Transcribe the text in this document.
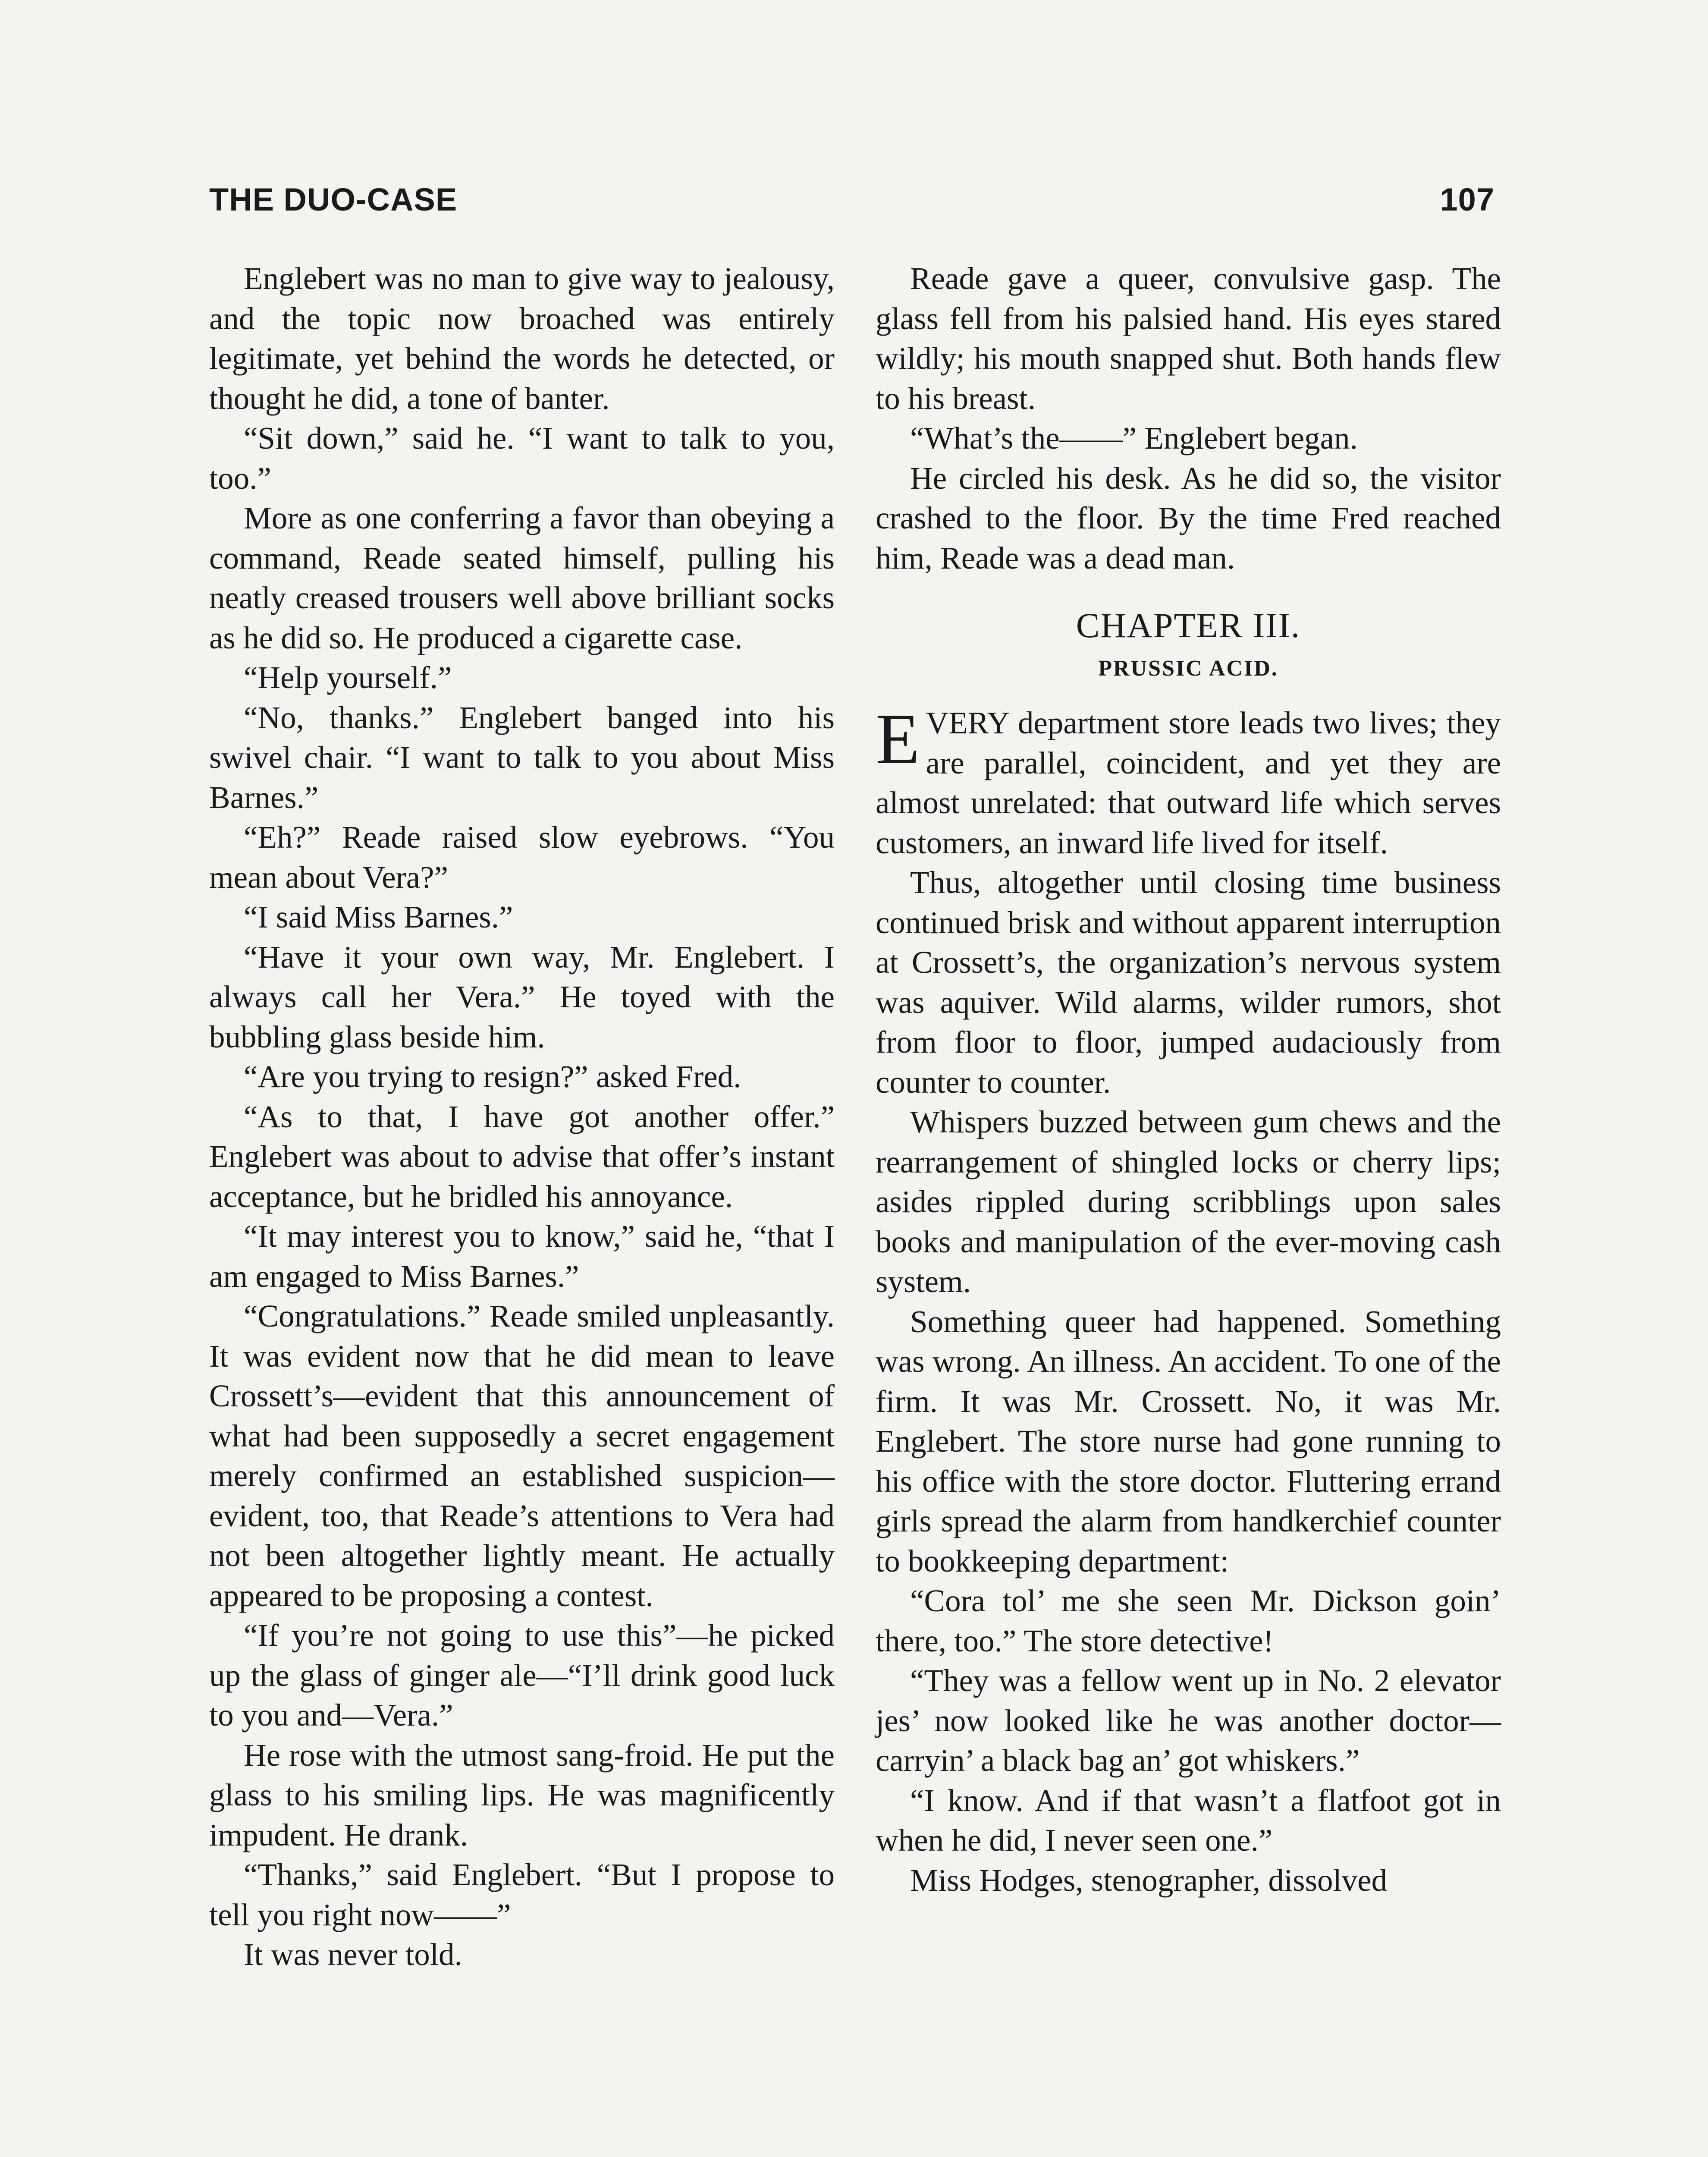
THE DUO-CASE	107

Englebert was no man to give way to jealousy, and the topic now broached was entirely legitimate, yet behind the words he detected, or thought he did, a tone of banter.

“Sit down,” said he. “I want to talk to you, too.”

More as one conferring a favor than obeying a command, Reade seated himself, pulling his neatly creased trousers well above brilliant socks as he did so. He produced a cigarette case.

“Help yourself.”

“No, thanks.” Englebert banged into his swivel chair. “I want to talk to you about Miss Barnes.”

“Eh?” Reade raised slow eyebrows. “You mean about Vera?”

“I said Miss Barnes.”

“Have it your own way, Mr. Englebert. I always call her Vera.” He toyed with the bubbling glass beside him.

“Are you trying to resign?” asked Fred.

“As to that, I have got another offer.” Englebert was about to advise that offer’s instant acceptance, but he bridled his annoyance.

“It may interest you to know,” said he, “that I am engaged to Miss Barnes.”

“Congratulations.” Reade smiled unpleasantly. It was evident now that he did mean to leave Crossett’s—evident that this announcement of what had been supposedly a secret engagement merely confirmed an established suspicion—evident, too, that Reade’s attentions to Vera had not been altogether lightly meant. He actually appeared to be proposing a contest.

“If you’re not going to use this”—he picked up the glass of ginger ale—“I’ll drink good luck to you and—Vera.”

He rose with the utmost sang-froid. He put the glass to his smiling lips. He was magnificently impudent. He drank.

“Thanks,” said Englebert. “But I propose to tell you right now——”

It was never told.

Reade gave a queer, convulsive gasp. The glass fell from his palsied hand. His eyes stared wildly; his mouth snapped shut. Both hands flew to his breast.

“What’s the——” Englebert began.

He circled his desk. As he did so, the visitor crashed to the floor. By the time Fred reached him, Reade was a dead man.

CHAPTER III.
PRUSSIC ACID.

E VERY department store leads two lives; they are parallel, coincident, and yet they are almost unrelated: that outward life which serves customers, an inward life lived for itself.

Thus, altogether until closing time business continued brisk and without apparent interruption at Crossett’s, the organization’s nervous system was aquiver. Wild alarms, wilder rumors, shot from floor to floor, jumped audaciously from counter to counter.

Whispers buzzed between gum chews and the rearrangement of shingled locks or cherry lips; asides rippled during scribblings upon sales books and manipulation of the ever-moving cash system.

Something queer had happened. Something was wrong. An illness. An accident. To one of the firm. It was Mr. Crossett. No, it was Mr. Englebert. The store nurse had gone running to his office with the store doctor. Fluttering errand girls spread the alarm from handkerchief counter to bookkeeping department:

“Cora tol’ me she seen Mr. Dickson goin’ there, too.” The store detective!

“They was a fellow went up in No. 2 elevator jes’ now looked like he was another doctor—carryin’ a black bag an’ got whiskers.”

“I know. And if that wasn’t a flatfoot got in when he did, I never seen one.”

Miss Hodges, stenographer, dissolved
